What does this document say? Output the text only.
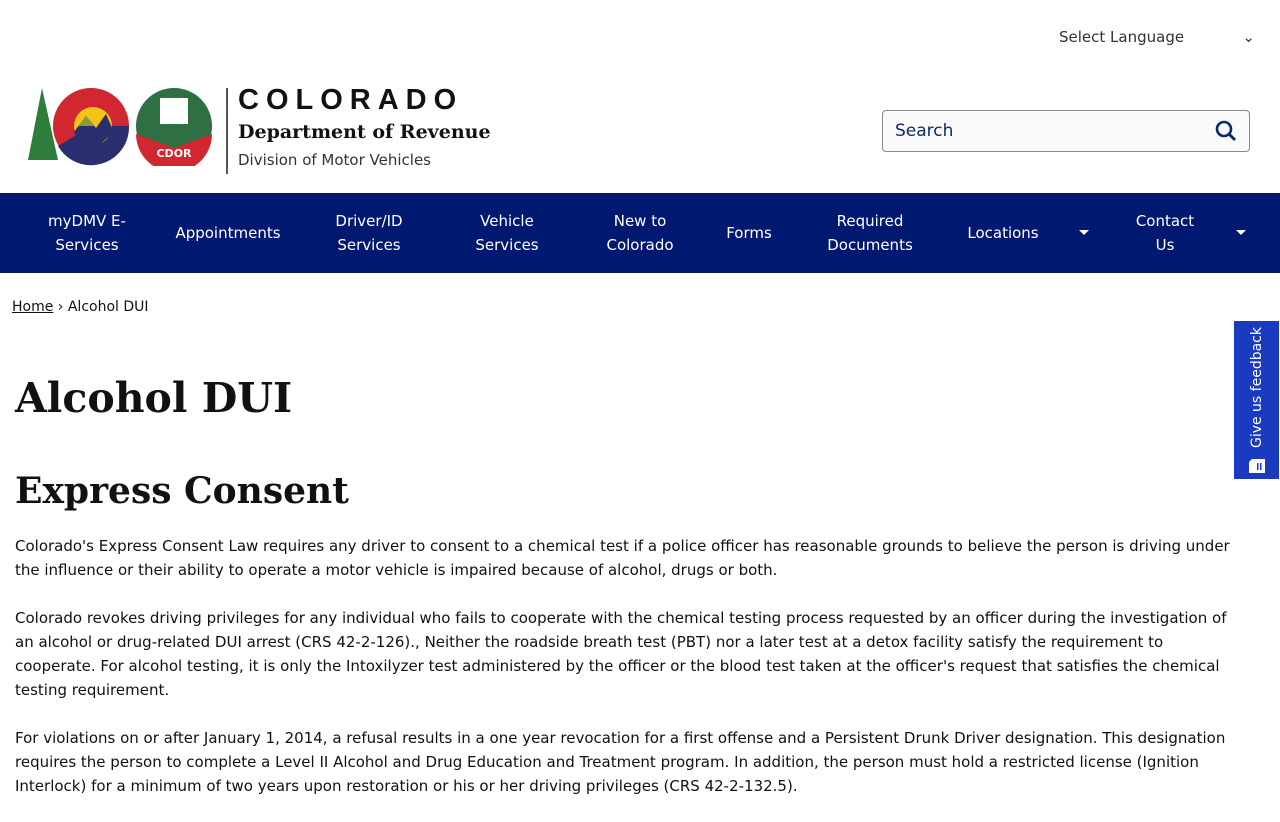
Select Language	⌄
CDOR
COLORADO
Department of Revenue
Division of Motor Vehicles
Search
myDMV E-
Services
Appointments
Driver/ID
Services
Vehicle
Services
New to
Colorado
Forms
Required
Documents
Locations
Contact
Us
Home › Alcohol DUI
Alcohol DUI
Express Consent

Colorado's Express Consent Law requires any driver to consent to a chemical test if a police officer has reasonable grounds to believe the person is driving under the influence or their ability to operate a motor vehicle is impaired because of alcohol, drugs or both.

Colorado revokes driving privileges for any individual who fails to cooperate with the chemical testing process requested by an officer during the investigation of an alcohol or drug-related DUI arrest (CRS 42-2-126)., Neither the roadside breath test (PBT) nor a later test at a detox facility satisfy the requirement to cooperate. For alcohol testing, it is only the Intoxilyzer test administered by the officer or the blood test taken at the officer's request that satisfies the chemical testing requirement.

For violations on or after January 1, 2014, a refusal results in a one year revocation for a first offense and a Persistent Drunk Driver designation. This designation requires the person to complete a Level II Alcohol and Drug Education and Treatment program. In addition, the person must hold a restricted license (Ignition Interlock) for a minimum of two years upon restoration or his or her driving privileges (CRS 42-2-132.5).

Give us feedback
